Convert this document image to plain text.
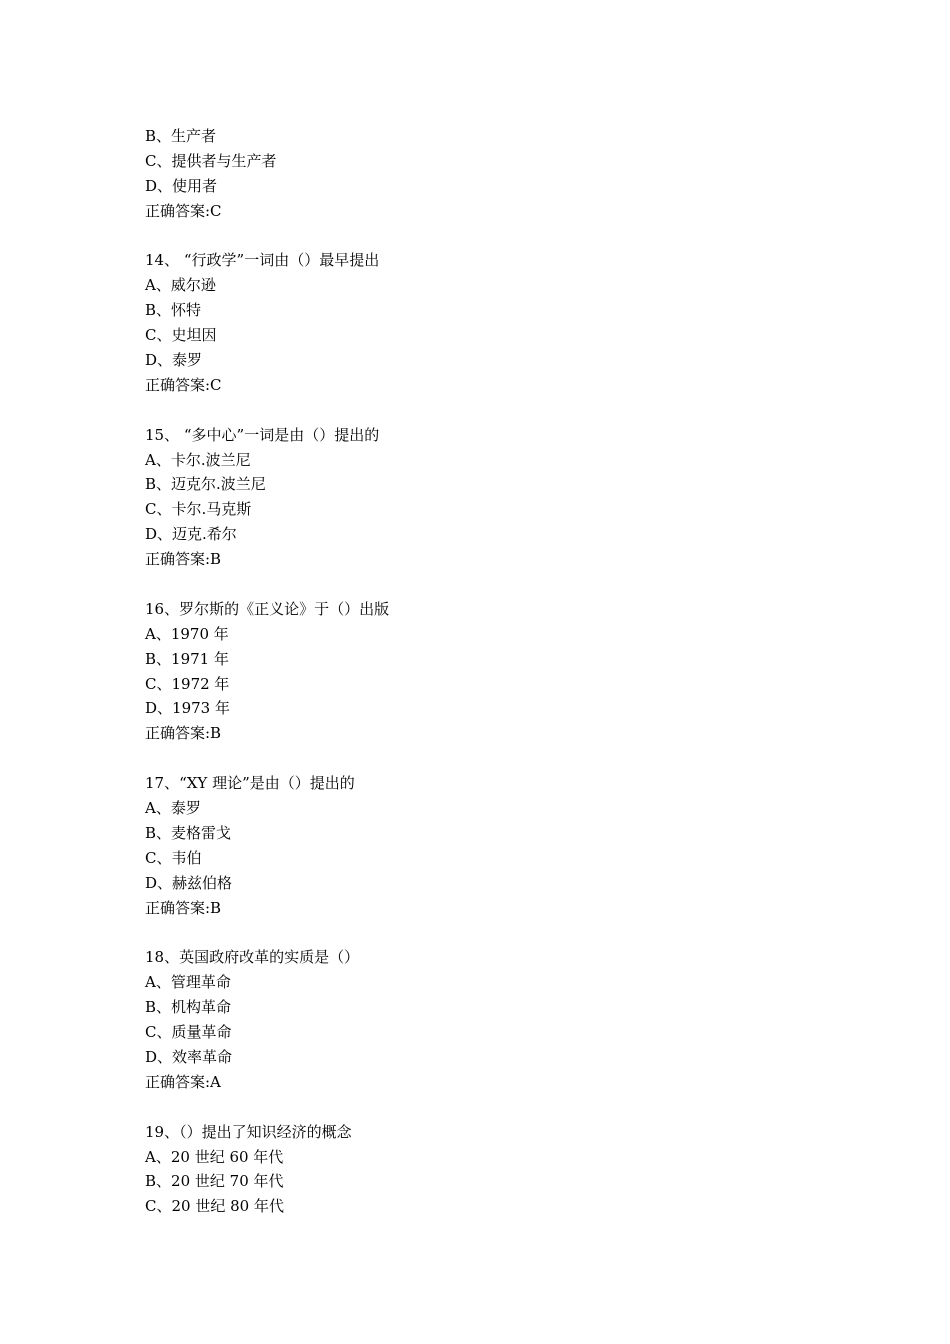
B、生产者
C、提供者与生产者
D、使用者
正确答案:C
14、 “行政学”一词由（）最早提出
A、威尔逊
B、怀特
C、史坦因
D、泰罗
正确答案:C
15、 “多中心”一词是由（）提出的
A、卡尔.波兰尼
B、迈克尔.波兰尼
C、卡尔.马克斯
D、迈克.希尔
正确答案:B
16、罗尔斯的《正义论》于（）出版
A、1970 年
B、1971 年
C、1972 年
D、1973 年
正确答案:B
17、“XY 理论”是由（）提出的
A、泰罗
B、麦格雷戈
C、韦伯
D、赫兹伯格
正确答案:B
18、英国政府改革的实质是（）
A、管理革命
B、机构革命
C、质量革命
D、效率革命
正确答案:A
19、（）提出了知识经济的概念
A、20 世纪 60 年代
B、20 世纪 70 年代
C、20 世纪 80 年代
